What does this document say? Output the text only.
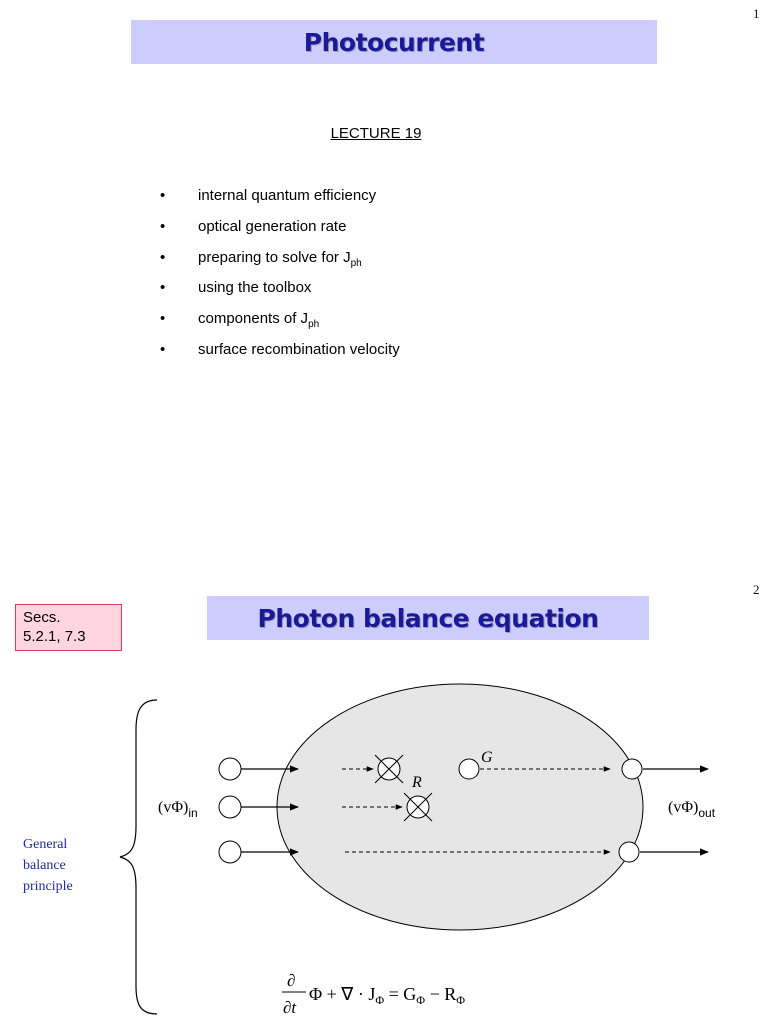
1
Photocurrent
LECTURE 19
• internal quantum efficiency
• optical generation rate
• preparing to solve for $J_{ph}$
• using the toolbox
• components of $J_{ph}$
• surface recombination velocity
2
Photon balance equation
Secs.
5.2.1, 7.3
General
balance
principle
R
G
$(v\Phi)_{in}$	$(v\Phi)_{out}$
∂
∂t
Φ + ∇ · $J_\Phi = G_\Phi - R_\Phi$
